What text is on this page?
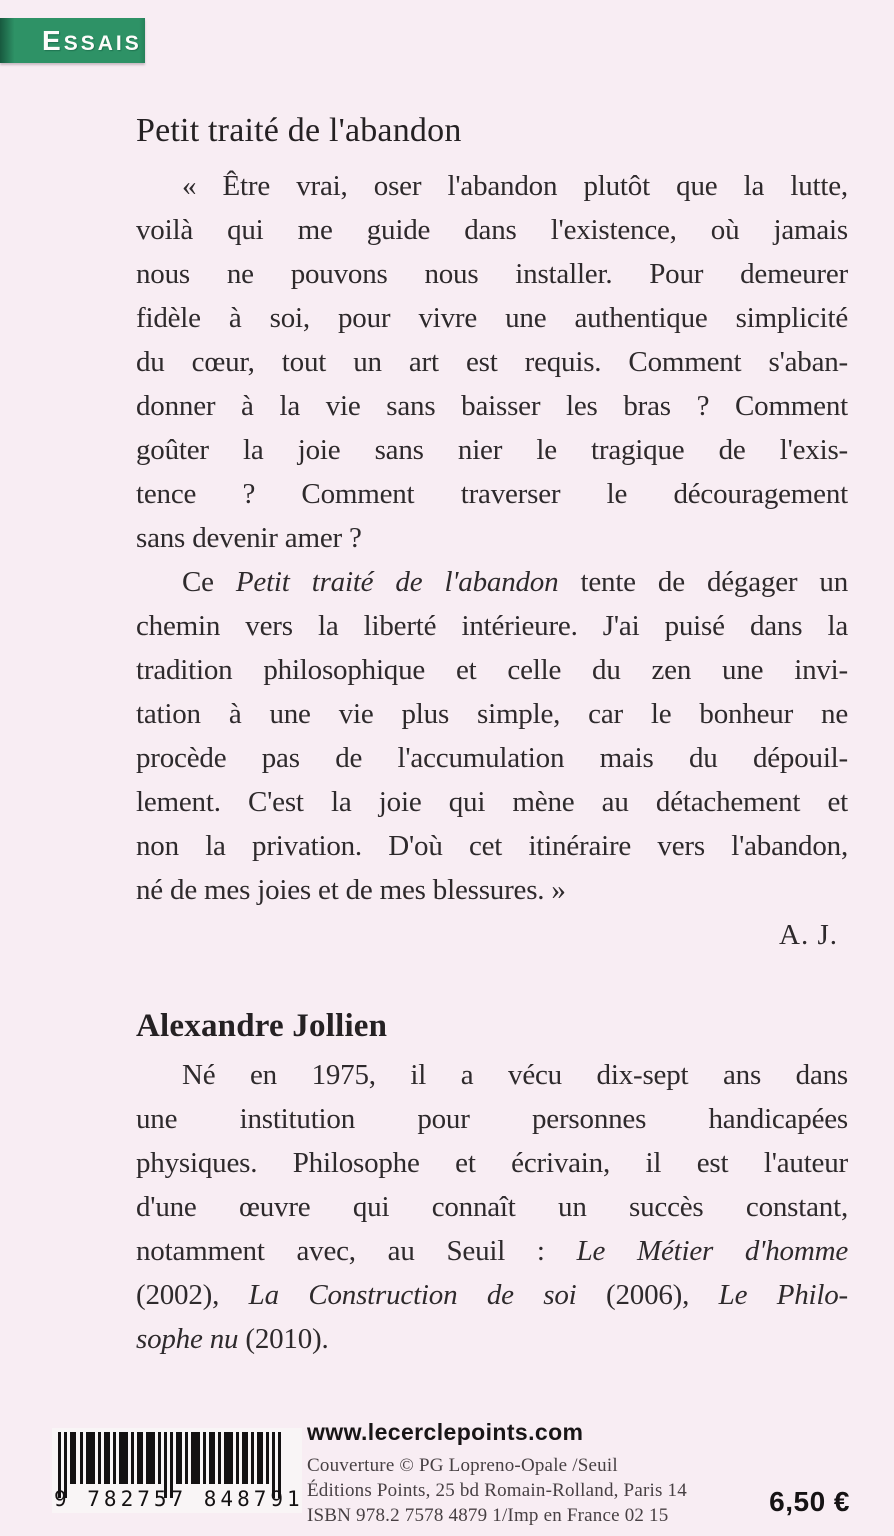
ESSAIS
Petit traité de l'abandon
« Être vrai, oser l'abandon plutôt que la lutte,
voilà qui me guide dans l'existence, où jamais
nous ne pouvons nous installer. Pour demeurer
fidèle à soi, pour vivre une authentique simplicité
du cœur, tout un art est requis. Comment s'aban-
donner à la vie sans baisser les bras ? Comment
goûter la joie sans nier le tragique de l'exis-
tence ? Comment traverser le découragement
sans devenir amer ?
Ce Petit traité de l'abandon tente de dégager un
chemin vers la liberté intérieure. J'ai puisé dans la
tradition philosophique et celle du zen une invi-
tation à une vie plus simple, car le bonheur ne
procède pas de l'accumulation mais du dépouil-
lement. C'est la joie qui mène au détachement et
non la privation. D'où cet itinéraire vers l'abandon,
né de mes joies et de mes blessures. »
A. J.
Alexandre Jollien
Né en 1975, il a vécu dix-sept ans dans
une institution pour personnes handicapées
physiques. Philosophe et écrivain, il est l'auteur
d'une œuvre qui connaît un succès constant,
notamment avec, au Seuil : Le Métier d'homme
(2002), La Construction de soi (2006), Le Philo-
sophe nu (2010).
9 782757 848791
www.lecerclepoints.com
Couverture © PG Lopreno-Opale /Seuil
Éditions Points, 25 bd Romain-Rolland, Paris 14
ISBN 978.2 7578 4879 1/Imp en France 02 15	6,50 €
